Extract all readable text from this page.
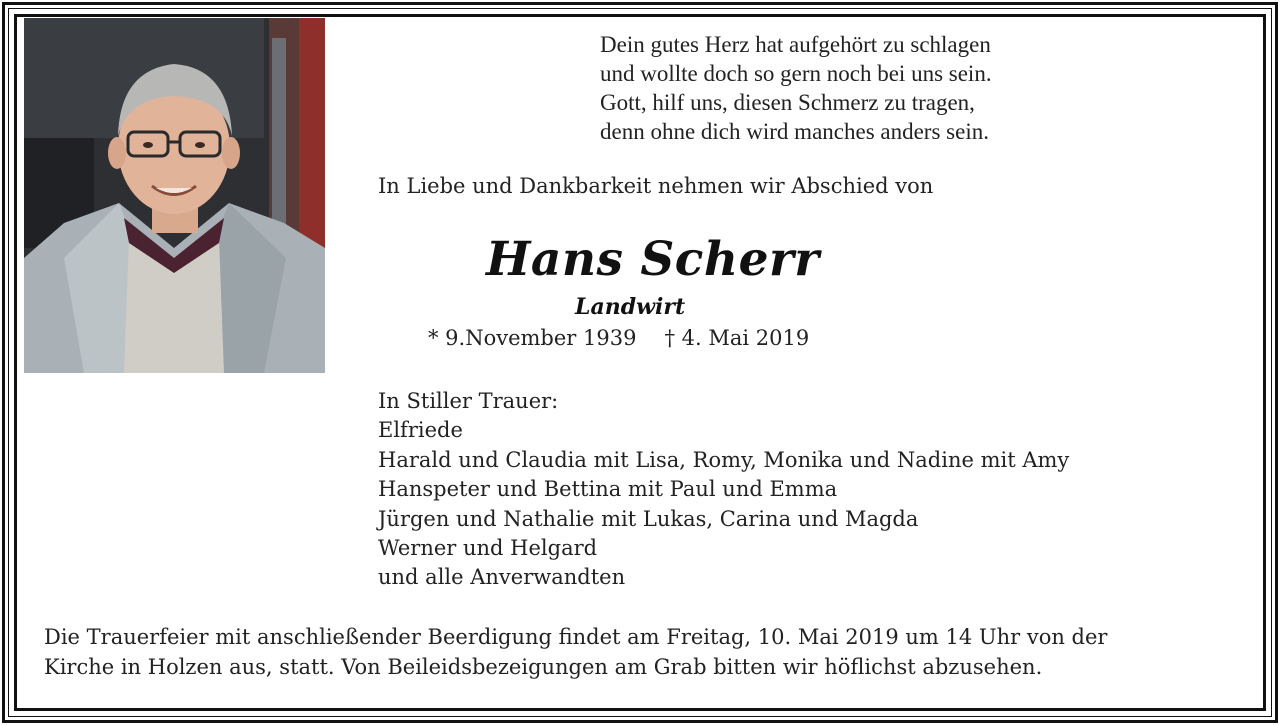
Dein gutes Herz hat aufgehört zu schlagen
und wollte doch so gern noch bei uns sein.
Gott, hilf uns, diesen Schmerz zu tragen,
denn ohne dich wird manches anders sein.
In Liebe und Dankbarkeit nehmen wir Abschied von
Hans Scherr
Landwirt
* 9.November 1939 † 4. Mai 2019
In Stiller Trauer:
Elfriede
Harald und Claudia mit Lisa, Romy, Monika und Nadine mit Amy
Hanspeter und Bettina mit Paul und Emma
Jürgen und Nathalie mit Lukas, Carina und Magda
Werner und Helgard
und alle Anverwandten
Die Trauerfeier mit anschließender Beerdigung findet am Freitag, 10. Mai 2019 um 14 Uhr von der
Kirche in Holzen aus, statt. Von Beileidsbezeigungen am Grab bitten wir höflichst abzusehen.
